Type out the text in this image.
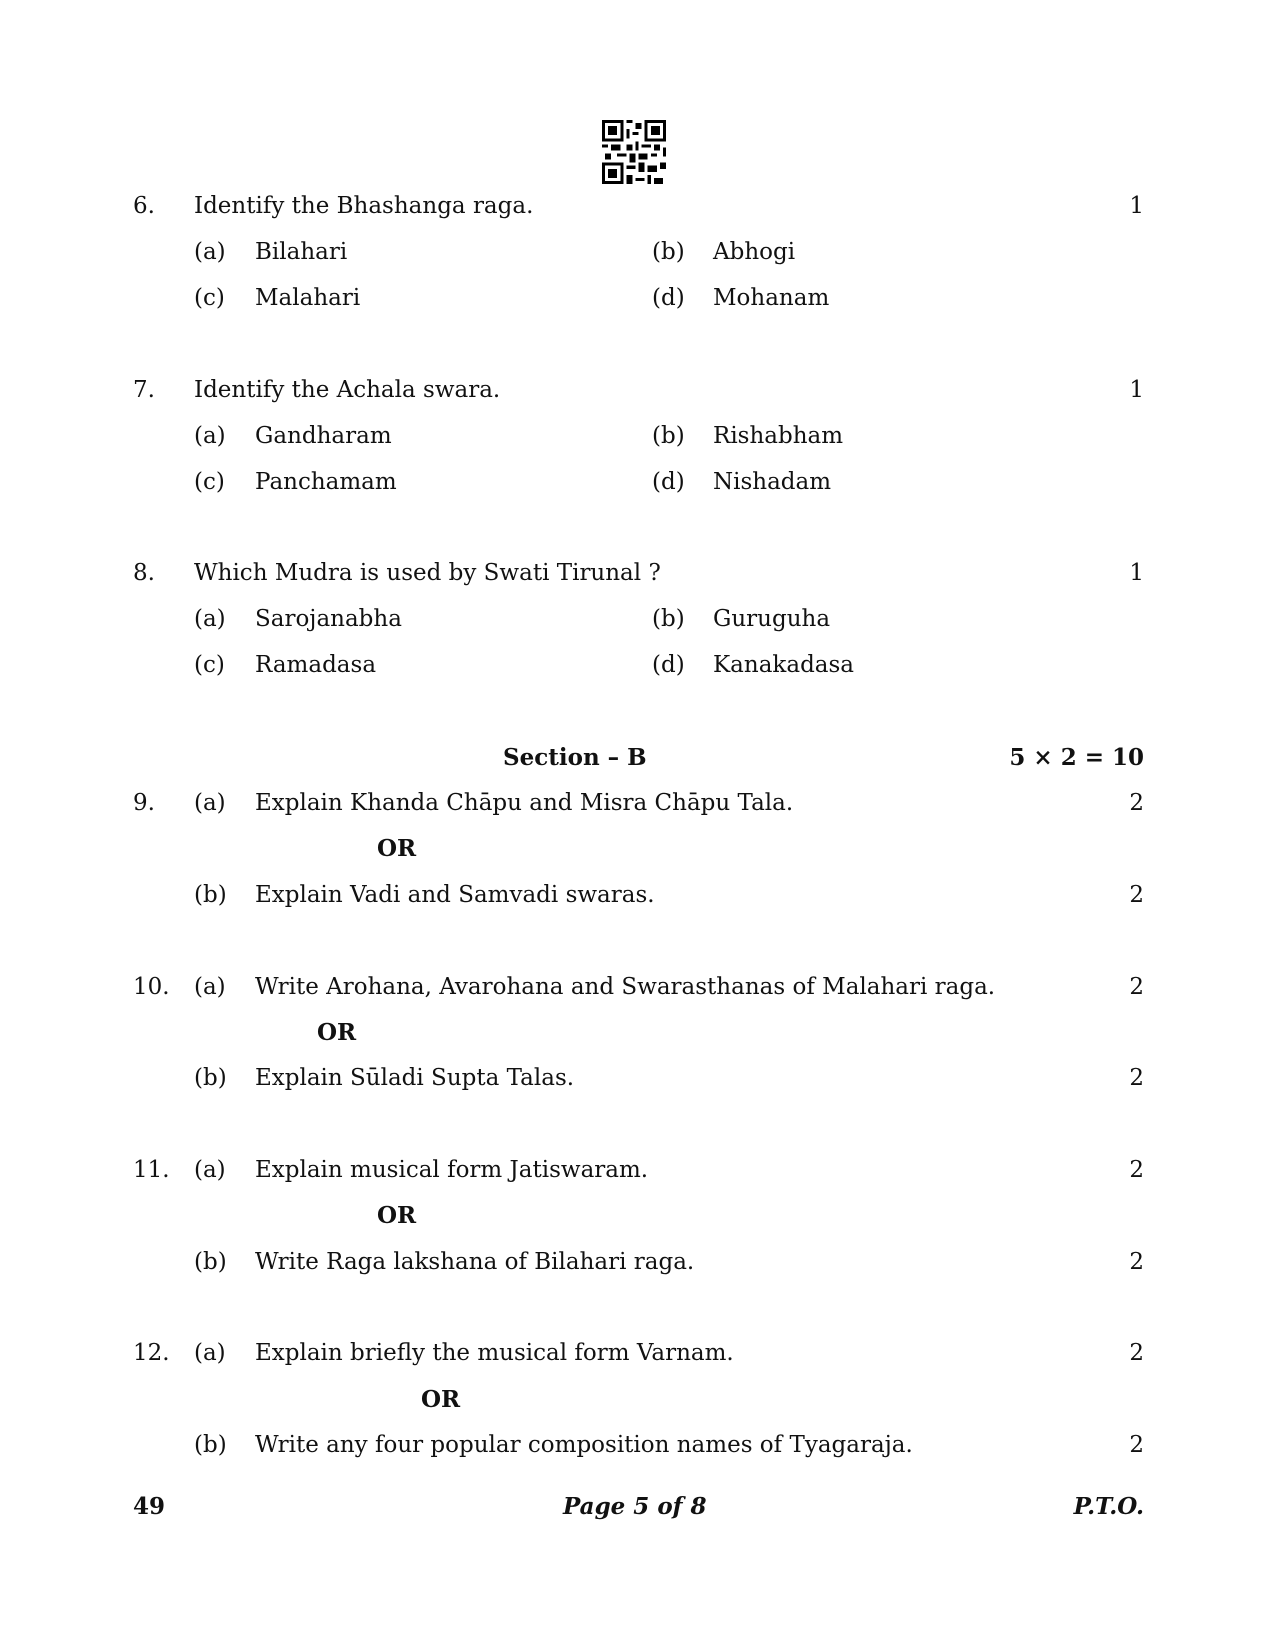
6. Identify the Bhashanga raga.	1
(a) Bilahari	(b) Abhogi
(c) Malahari	(d) Mohanam
7. Identify the Achala swara.	1
(a) Gandharam	(b) Rishabham
(c) Panchamam	(d) Nishadam
8. Which Mudra is used by Swati Tirunal ?	1
(a) Sarojanabha	(b) Guruguha
(c) Ramadasa	(d) Kanakadasa
Section – B	5 × 2 = 10
9. (a) Explain Khanda Chāpu and Misra Chāpu Tala.	2
OR
(b) Explain Vadi and Samvadi swaras.	2
10. (a) Write Arohana, Avarohana and Swarasthanas of Malahari raga.	2
OR
(b) Explain Sūladi Supta Talas.	2
11. (a) Explain musical form Jatiswaram.	2
OR
(b) Write Raga lakshana of Bilahari raga.	2
12. (a) Explain briefly the musical form Varnam.	2
OR
(b) Write any four popular composition names of Tyagaraja.	2
49	Page 5 of 8	P.T.O.
